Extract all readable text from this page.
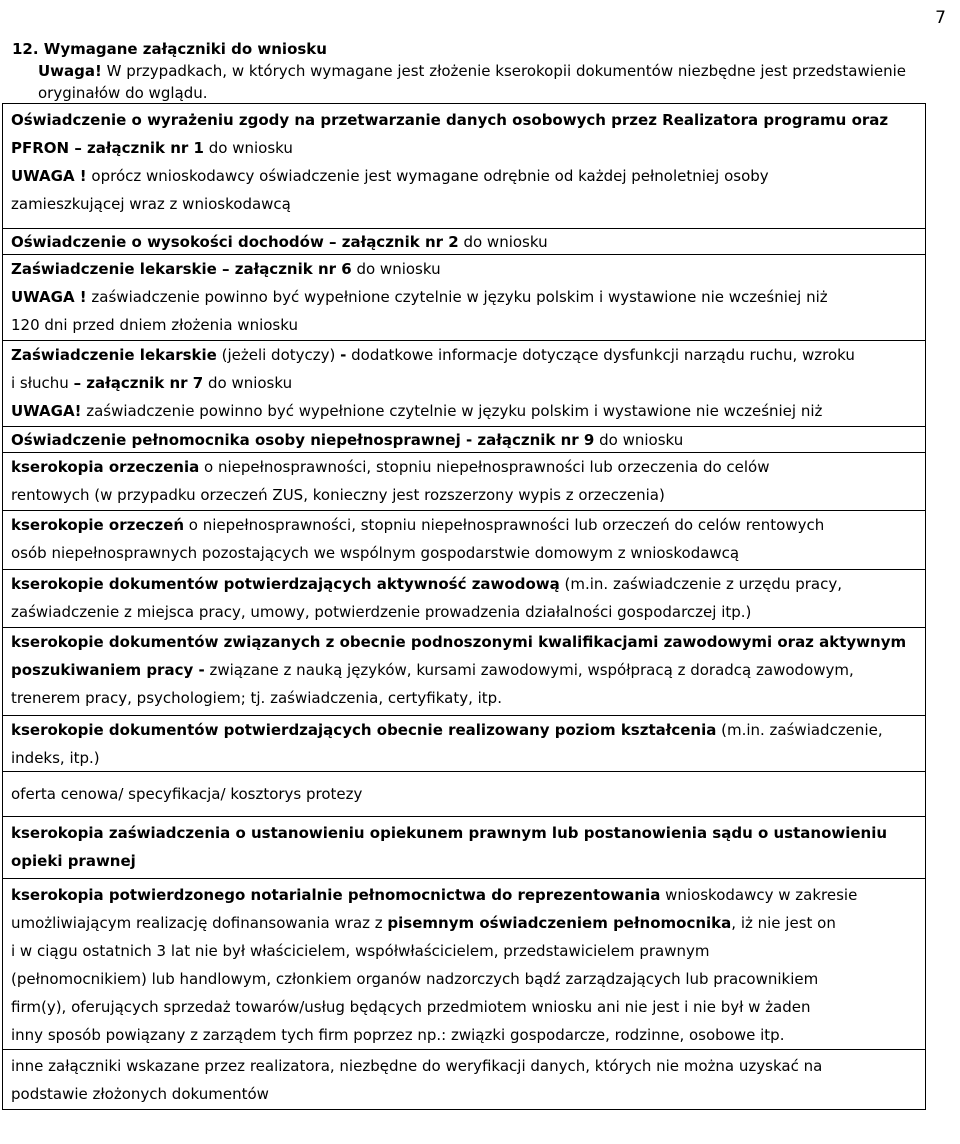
7
12. Wymagane załączniki do wniosku
Uwaga! W przypadkach, w których wymagane jest złożenie kserokopii dokumentów niezbędne jest przedstawienie
oryginałów do wglądu.
Oświadczenie o wyrażeniu zgody na przetwarzanie danych osobowych przez Realizatora programu oraz
PFRON – załącznik nr 1 do wniosku
UWAGA ! oprócz wnioskodawcy oświadczenie jest wymagane odrębnie od każdej pełnoletniej osoby
zamieszkującej wraz z wnioskodawcą
Oświadczenie o wysokości dochodów – załącznik nr 2 do wniosku
Zaświadczenie lekarskie – załącznik nr 6 do wniosku
UWAGA ! zaświadczenie powinno być wypełnione czytelnie w języku polskim i wystawione nie wcześniej niż
120 dni przed dniem złożenia wniosku
Zaświadczenie lekarskie (jeżeli dotyczy) - dodatkowe informacje dotyczące dysfunkcji narządu ruchu, wzroku
i słuchu – załącznik nr 7 do wniosku
UWAGA! zaświadczenie powinno być wypełnione czytelnie w języku polskim i wystawione nie wcześniej niż
Oświadczenie pełnomocnika osoby niepełnosprawnej - załącznik nr 9 do wniosku
kserokopia orzeczenia o niepełnosprawności, stopniu niepełnosprawności lub orzeczenia do celów
rentowych (w przypadku orzeczeń ZUS, konieczny jest rozszerzony wypis z orzeczenia)
kserokopie orzeczeń o niepełnosprawności, stopniu niepełnosprawności lub orzeczeń do celów rentowych
osób niepełnosprawnych pozostających we wspólnym gospodarstwie domowym z wnioskodawcą
kserokopie dokumentów potwierdzających aktywność zawodową (m.in. zaświadczenie z urzędu pracy,
zaświadczenie z miejsca pracy, umowy, potwierdzenie prowadzenia działalności gospodarczej itp.)
kserokopie dokumentów związanych z obecnie podnoszonymi kwalifikacjami zawodowymi oraz aktywnym
poszukiwaniem pracy - związane z nauką języków, kursami zawodowymi, współpracą z doradcą zawodowym,
trenerem pracy, psychologiem; tj. zaświadczenia, certyfikaty, itp.
kserokopie dokumentów potwierdzających obecnie realizowany poziom kształcenia (m.in. zaświadczenie,
indeks, itp.)
oferta cenowa/ specyfikacja/ kosztorys protezy
kserokopia zaświadczenia o ustanowieniu opiekunem prawnym lub postanowienia sądu o ustanowieniu
opieki prawnej
kserokopia potwierdzonego notarialnie pełnomocnictwa do reprezentowania wnioskodawcy w zakresie
umożliwiającym realizację dofinansowania wraz z pisemnym oświadczeniem pełnomocnika, iż nie jest on
i w ciągu ostatnich 3 lat nie był właścicielem, współwłaścicielem, przedstawicielem prawnym
(pełnomocnikiem) lub handlowym, członkiem organów nadzorczych bądź zarządzających lub pracownikiem
firm(y), oferujących sprzedaż towarów/usług będących przedmiotem wniosku ani nie jest i nie był w żaden
inny sposób powiązany z zarządem tych firm poprzez np.: związki gospodarcze, rodzinne, osobowe itp.
inne załączniki wskazane przez realizatora, niezbędne do weryfikacji danych, których nie można uzyskać na
podstawie złożonych dokumentów
